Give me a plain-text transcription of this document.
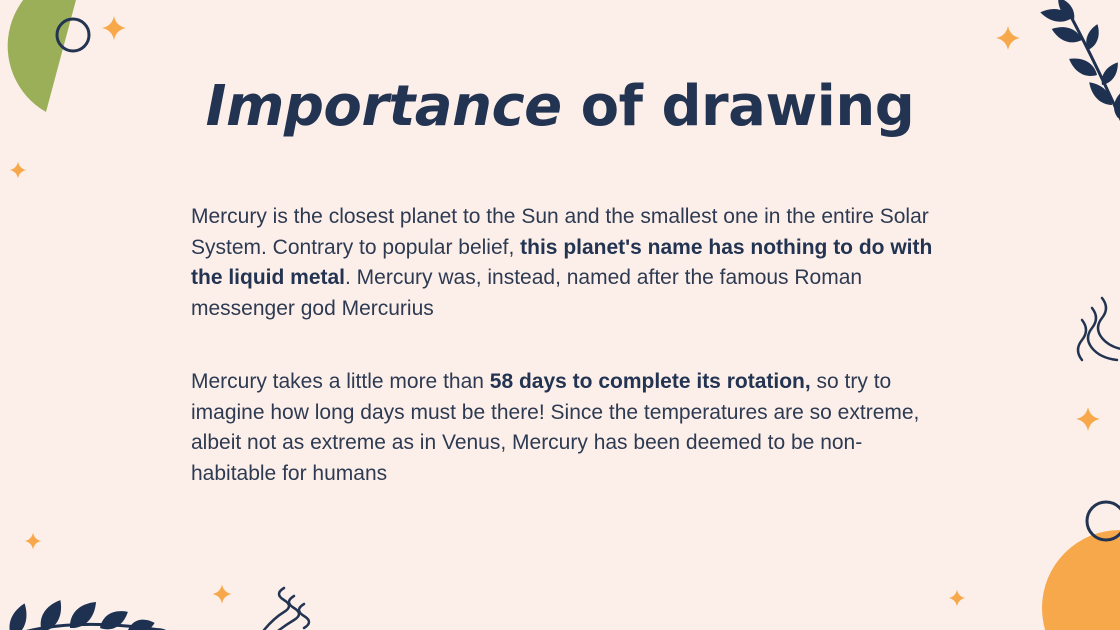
Importance of drawing

Mercury is the closest planet to the Sun and the smallest one in the entire Solar System. Contrary to popular belief, this planet's name has nothing to do with the liquid metal. Mercury was, instead, named after the famous Roman messenger god Mercurius

Mercury takes a little more than 58 days to complete its rotation, so try to imagine how long days must be there! Since the temperatures are so extreme, albeit not as extreme as in Venus, Mercury has been deemed to be non-habitable for humans
